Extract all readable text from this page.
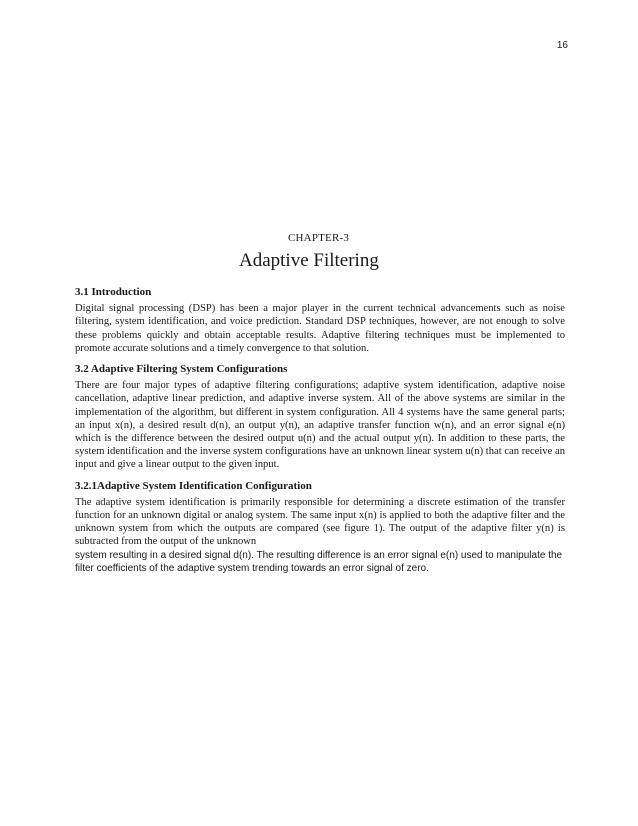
16
CHAPTER-3
Adaptive Filtering
3.1 Introduction

Digital signal processing (DSP) has been a major player in the current technical advancements such as noise filtering, system identification, and voice prediction. Standard DSP techniques, however, are not enough to solve these problems quickly and obtain acceptable results. Adaptive filtering techniques must be implemented to promote accurate solutions and a timely convergence to that solution.

3.2 Adaptive Filtering System Configurations

There are four major types of adaptive filtering configurations; adaptive system identification, adaptive noise cancellation, adaptive linear prediction, and adaptive inverse system. All of the above systems are similar in the implementation of the algorithm, but different in system configuration. All 4 systems have the same general parts; an input x(n), a desired result d(n), an output y(n), an adaptive transfer function w(n), and an error signal e(n) which is the difference between the desired output u(n) and the actual output y(n). In addition to these parts, the system identification and the inverse system configurations have an unknown linear system u(n) that can receive an input and give a linear output to the given input.

3.2.1Adaptive System Identification Configuration

The adaptive system identification is primarily responsible for determining a discrete estimation of the transfer function for an unknown digital or analog system. The same input x(n) is applied to both the adaptive filter and the unknown system from which the outputs are compared (see figure 1). The output of the adaptive filter y(n) is subtracted from the output of the unknown

system resulting in a desired signal d(n). The resulting difference is an error signal e(n) used to manipulate the filter coefficients of the adaptive system trending towards an error signal of zero.
